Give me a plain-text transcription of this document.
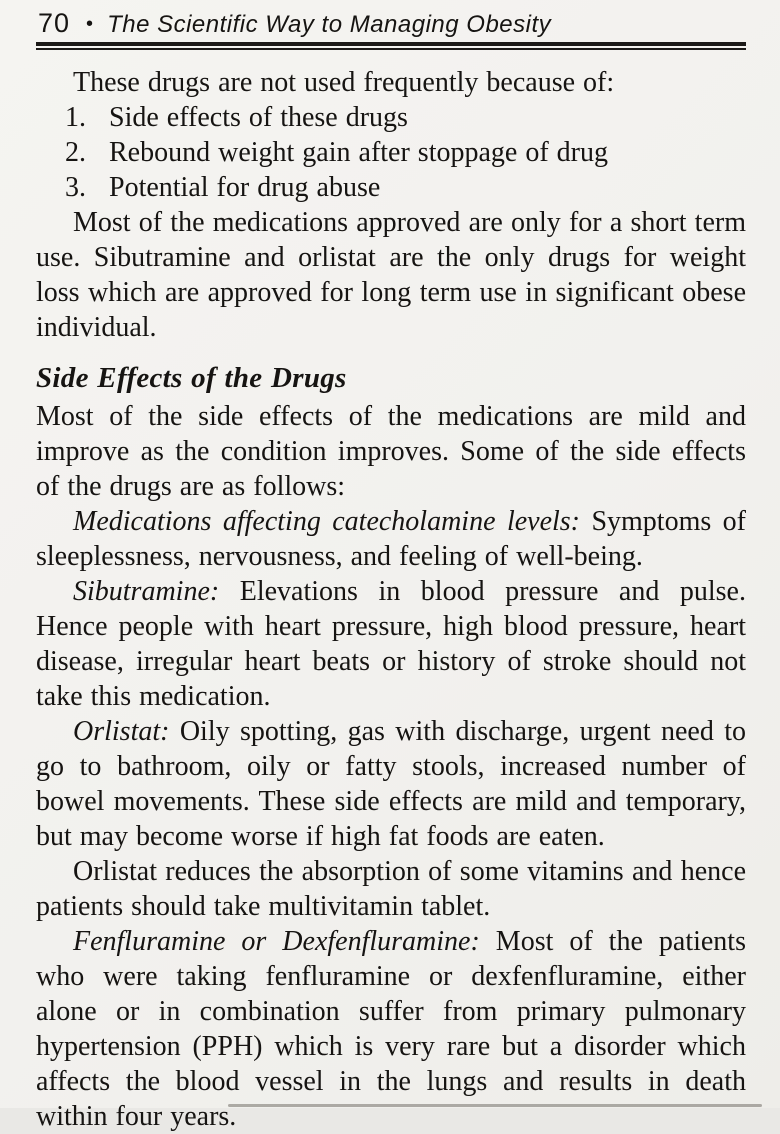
70 • The Scientific Way to Managing Obesity

These drugs are not used frequently because of:

1. Side effects of these drugs
2. Rebound weight gain after stoppage of drug
3. Potential for drug abuse

Most of the medications approved are only for a short term use. Sibutramine and orlistat are the only drugs for weight loss which are approved for long term use in significant obese individual.

Side Effects of the Drugs

Most of the side effects of the medications are mild and improve as the condition improves. Some of the side effects of the drugs are as follows:

Medications affecting catecholamine levels: Symptoms of sleeplessness, nervousness, and feeling of well-being.

Sibutramine: Elevations in blood pressure and pulse. Hence people with heart pressure, high blood pressure, heart disease, irregular heart beats or history of stroke should not take this medication.

Orlistat: Oily spotting, gas with discharge, urgent need to go to bathroom, oily or fatty stools, increased number of bowel movements. These side effects are mild and temporary, but may become worse if high fat foods are eaten.

Orlistat reduces the absorption of some vitamins and hence patients should take multivitamin tablet.

Fenfluramine or Dexfenfluramine: Most of the patients who were taking fenfluramine or dexfenfluramine, either alone or in combination suffer from primary pulmonary hypertension (PPH) which is very rare but a disorder which affects the blood vessel in the lungs and results in death within four years.
